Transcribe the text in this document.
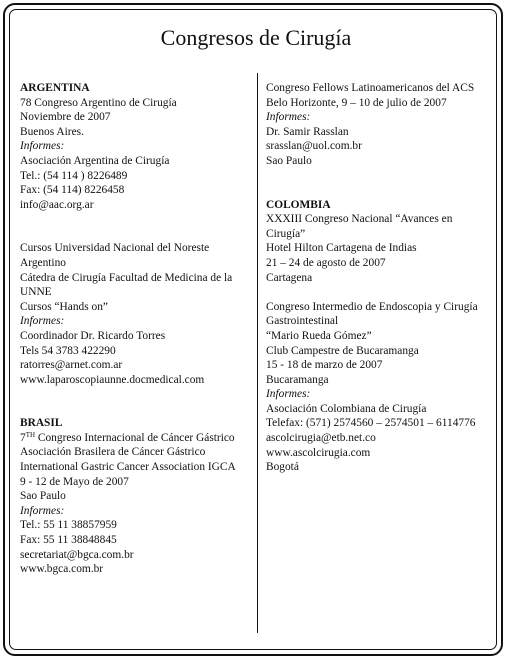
Congresos de Cirugía
ARGENTINA
78 Congreso Argentino de Cirugía
Noviembre de 2007
Buenos Aires.
Informes:
Asociación Argentina de Cirugía
Tel.: (54 114 ) 8226489
Fax: (54 114) 8226458
info@aac.org.ar
Cursos Universidad Nacional del Noreste
Argentino
Cátedra de Cirugía Facultad de Medicina de la
UNNE
Cursos “Hands on”
Informes:
Coordinador Dr. Ricardo Torres
Tels 54 3783 422290
ratorres@arnet.com.ar
www.laparoscopiaunne.docmedical.com
BRASIL
7TH Congreso Internacional de Cáncer Gástrico
Asociación Brasilera de Cáncer Gástrico
International Gastric Cancer Association IGCA
9 - 12 de Mayo de 2007
Sao Paulo
Informes:
Tel.: 55 11 38857959
Fax: 55 11 38848845
secretariat@bgca.com.br
www.bgca.com.br
Congreso Fellows Latinoamericanos del ACS
Belo Horizonte, 9 – 10 de julio de 2007
Informes:
Dr. Samir Rasslan
srasslan@uol.com.br
Sao Paulo
COLOMBIA
XXXIII Congreso Nacional “Avances en
Cirugía”
Hotel Hilton Cartagena de Indias
21 – 24 de agosto de 2007
Cartagena
Congreso Intermedio de Endoscopia y Cirugía
Gastrointestinal
“Mario Rueda Gómez”
Club Campestre de Bucaramanga
15 - 18 de marzo de 2007
Bucaramanga
Informes:
Asociación Colombiana de Cirugía
Telefax: (571) 2574560 – 2574501 – 6114776
ascolcirugia@etb.net.co
www.ascolcirugia.com
Bogotá
